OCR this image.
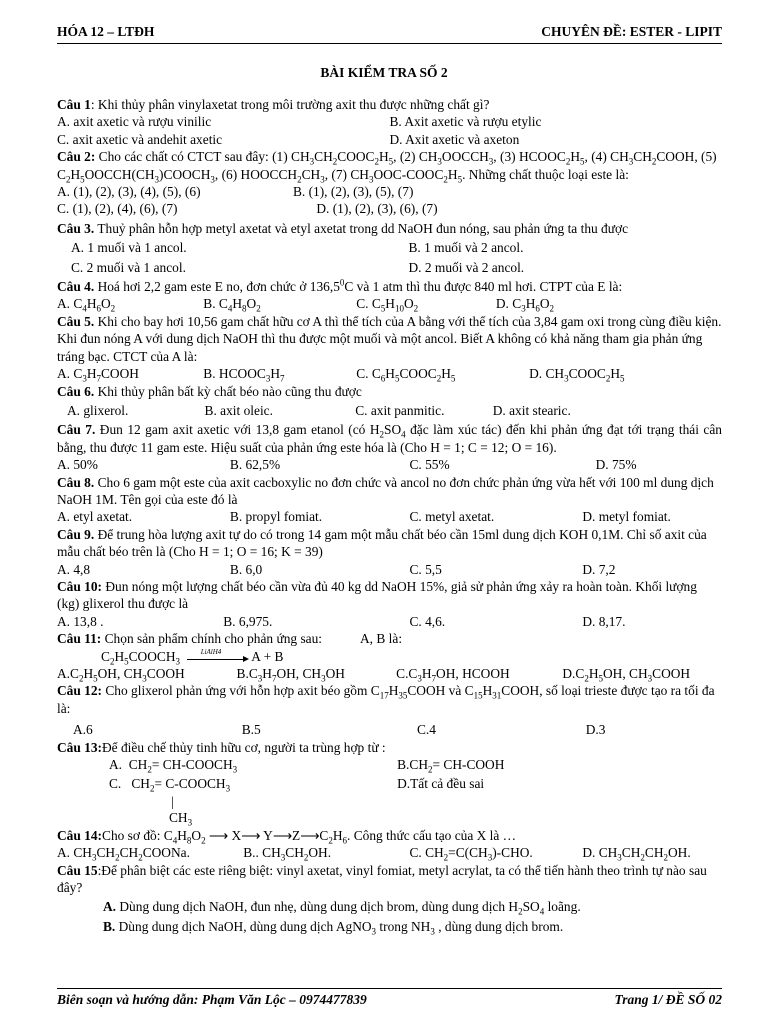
HÓA 12 – LTĐH	CHUYÊN ĐỀ: ESTER - LIPIT
BÀI KIỂM TRA SỐ 2
Câu 1: Khi thủy phân vinylaxetat trong môi trường axit thu được những chất gì?
A. axit axetic và rượu vinilic	B. Axit axetic và rượu etylic
C. axit axetic và andehit axetic	D. Axit axetic và axeton
Câu 2: Cho các chất có CTCT sau đây: (1) $CH_3CH_2COOC_2H_5$, (2) $CH_3OOCCH_3$, (3) $HCOOC_2H_5$, (4) $CH_3CH_2COOH$, (5) $C_2H_5OOCCH(CH_3)COOCH_3$, (6) $HOOCCH_2CH_3$, (7) $CH_3OOC-COOC_2H_5$. Những chất thuộc loại este là:
A. (1), (2), (3), (4), (5), (6)	B. (1), (2), (3), (5), (7)
C. (1), (2), (4), (6), (7)	D. (1), (2), (3), (6), (7)
Câu 3. Thuỷ phân hỗn hợp metyl axetat và etyl axetat trong dd NaOH đun nóng, sau phản ứng ta thu được
A. 1 muối và 1 ancol.	B. 1 muối và 2 ancol.
C. 2 muối và 1 ancol.	D. 2 muối và 2 ancol.
Câu 4. Hoá hơi 2,2 gam este E no, đơn chức ở 136,5$^0$C và 1 atm thì thu được 840 ml hơi. CTPT của E là:
A. $C_4H_6O_2$	B. $C_4H_8O_2$	C. $C_5H_{10}O_2$	D. $C_3H_6O_2$
Câu 5. Khi cho bay hơi 10,56 gam chất hữu cơ A thì thể tích của A bằng với thể tích của 3,84 gam oxi trong cùng điều kiện. Khi đun nóng A với dung dịch NaOH thì thu được một muối và một ancol. Biết A không có khả năng tham gia phản ứng tráng bạc. CTCT của A là:
A. $C_3H_7COOH$	B. $HCOOC_3H_7$	C. $C_6H_5COOC_2H_5$	D. $CH_3COOC_2H_5$
Câu 6. Khi thủy phân bất kỳ chất béo nào cũng thu được
A. glixerol.	B. axit oleic.	C. axit panmitic.	D. axit stearic.
Câu 7. Đun 12 gam axit axetic với 13,8 gam etanol (có $H_2SO_4$ đặc làm xúc tác) đến khi phản ứng đạt tới trạng thái cân bằng, thu được 11 gam este. Hiệu suất của phản ứng este hóa là (Cho H = 1; C = 12; O = 16).
A. 50%	B. 62,5%	C. 55%	D. 75%
Câu 8. Cho 6 gam một este của axit cacboxylic no đơn chức và ancol no đơn chức phản ứng vừa hết với 100 ml dung dịch NaOH 1M. Tên gọi của este đó là
A. etyl axetat.	B. propyl fomiat.	C. metyl axetat.	D. metyl fomiat.
Câu 9. Để trung hòa lượng axit tự do có trong 14 gam một mẫu chất béo cần 15ml dung dịch KOH 0,1M. Chỉ số axit của mẫu chất béo trên là (Cho H = 1; O = 16; K = 39)
A. 4,8	B. 6,0	C. 5,5	D. 7,2
Câu 10: Đun nóng một lượng chất béo cần vừa đủ 40 kg dd NaOH 15%, giả sử phản ứng xảy ra hoàn toàn. Khối lượng (kg) glixerol thu được là
A. 13,8 .	B. 6,975.	C. 4,6.	D. 8,17.
Câu 11: Chọn sản phẩm chính cho phản ứng sau:	A, B là:
$C_2H_5COOCH_3$
LiAlH4 A + B
$A.C_2H_5OH$, $CH_3COOH$	$B.C_3H_7OH$, $CH_3OH$	$C.C_3H_7OH$, HCOOH	$D.C_2H_5OH$, $CH_3COOH$
Câu 12: Cho glixerol phản ứng với hỗn hợp axit béo gồm $C_{17}H_{35}COOH$ và $C_{15}H_{31}COOH$, số loại trieste được tạo ra tối đa là:
A.6	B.5	C.4	D.3
Câu 13:Để điều chế thủy tinh hữu cơ, người ta trùng hợp từ :
A.  $CH_2=$ $CH-COOCH_3$	$B.CH_2=$ CH-COOH
C.   $CH_2=$ $C-COOCH_3$	D.Tất cả đều sai
|
$CH_3$
Câu 14:Cho sơ đồ: $C_4H_8O_2$ ⟶ X⟶ $Y⟶Z⟶C_2H_6$. Công thức cấu tạo của X là …
A. $CH_3CH_2CH_2COONa$.	B.. $CH_3CH_2OH$.	C. $CH_2=C(CH_3)$-CHO.	D. $CH_3CH_2CH_2OH$.
Câu 15:Để phân biệt các este riêng biệt: vinyl axetat, vinyl fomiat, metyl acrylat, ta có thể tiến hành theo trình tự nào sau đây?
A. Dùng dung dịch NaOH, đun nhẹ, dùng dung dịch brom, dùng dung dịch $H_2SO_4$ loãng.
B. Dùng dung dịch NaOH, dùng dung dịch AgNO$_3$ trong $NH_3$ , dùng dung dịch brom.
Biên soạn và hướng dẫn: Phạm Văn Lộc – 0974477839	Trang 1/ ĐỀ SỐ 02
